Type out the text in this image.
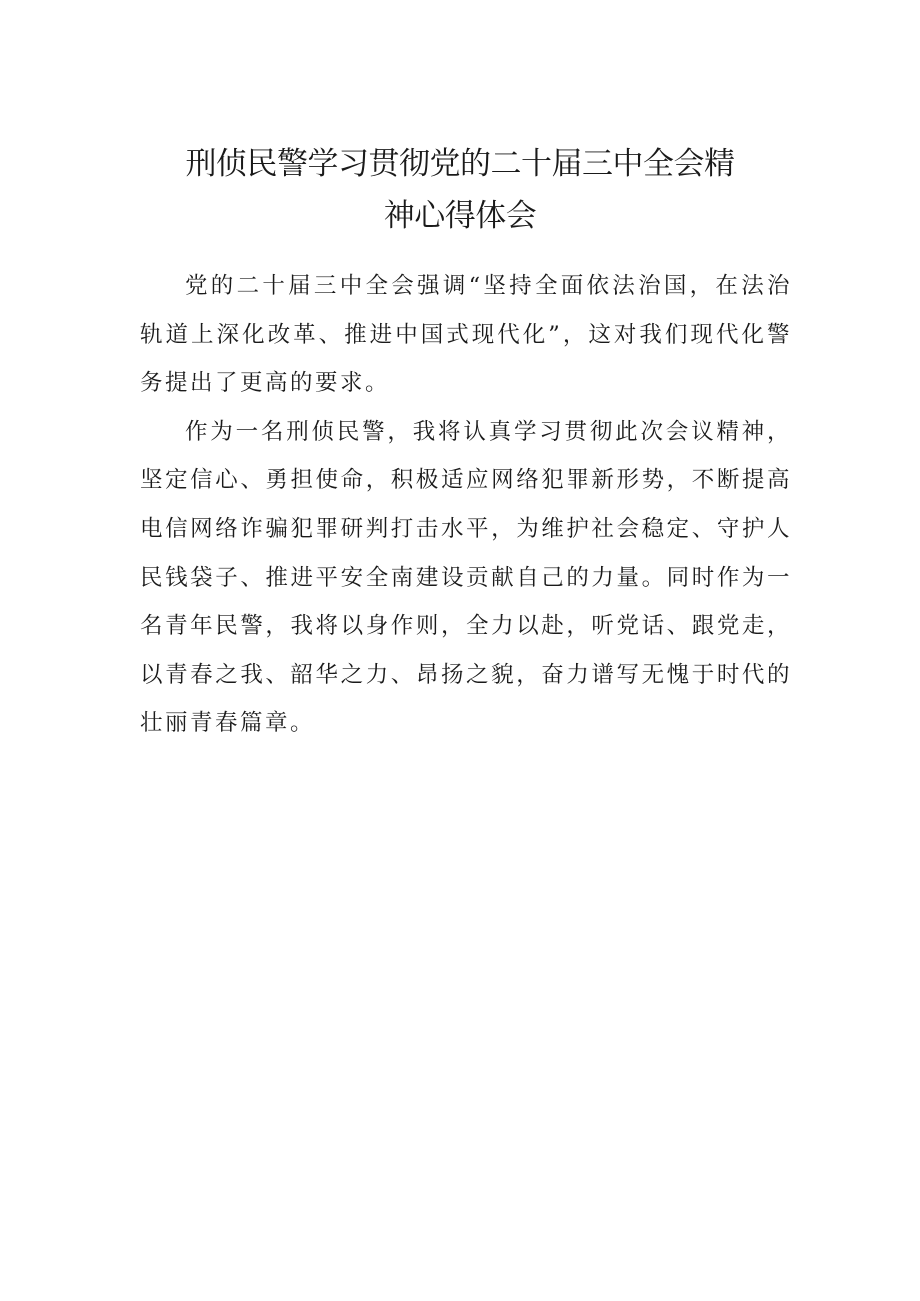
刑侦民警学习贯彻党的二十届三中全会精
神心得体会

党的二十届三中全会强调“坚持全面依法治国，在法治轨道上深化改革、推进中国式现代化”，这对我们现代化警务提出了更高的要求。

作为一名刑侦民警，我将认真学习贯彻此次会议精神，坚定信心、勇担使命，积极适应网络犯罪新形势，不断提高电信网络诈骗犯罪研判打击水平，为维护社会稳定、守护人民钱袋子、推进平安全南建设贡献自己的力量。同时作为一名青年民警，我将以身作则，全力以赴，听党话、跟党走，以青春之我、韶华之力、昂扬之貌，奋力谱写无愧于时代的壮丽青春篇章。
